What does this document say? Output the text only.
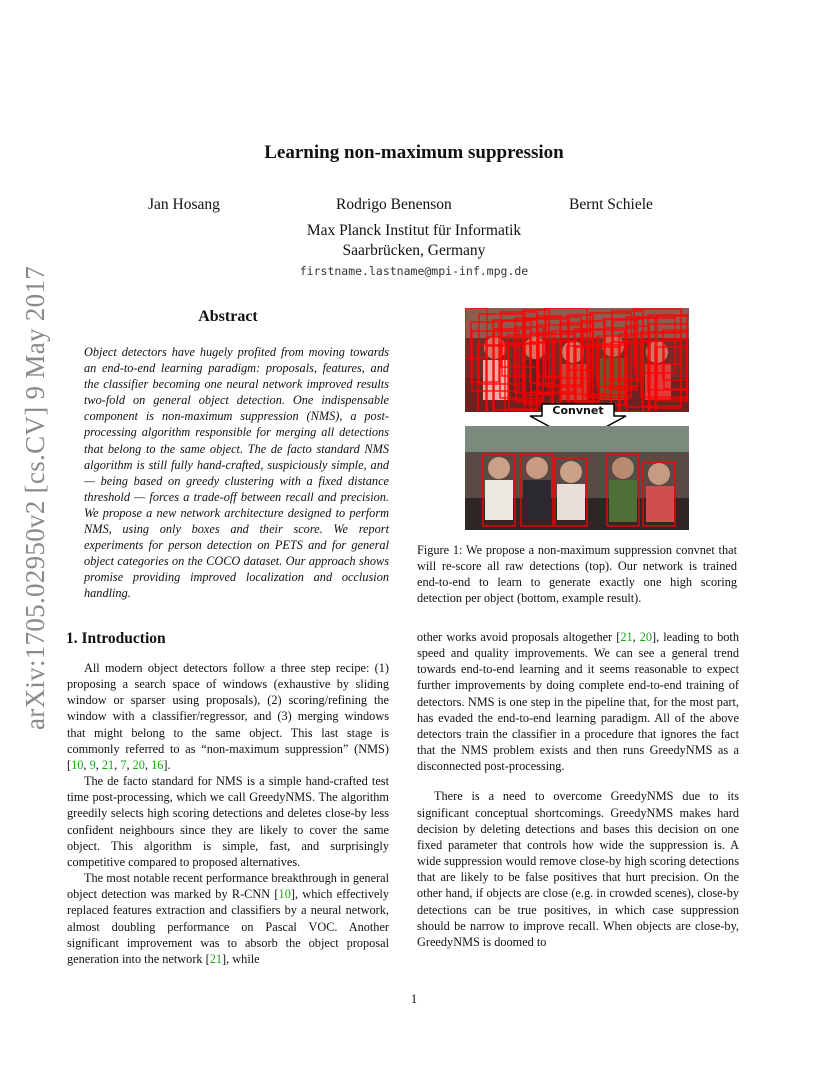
arXiv:1705.02950v2 [cs.CV] 9 May 2017
Learning non-maximum suppression
Jan Hosang	Rodrigo Benenson	Bernt Schiele
Max Planck Institut für Informatik
Saarbrücken, Germany
firstname.lastname@mpi-inf.mpg.de
Abstract
Object detectors have hugely profited from moving towards an end-to-end learning paradigm: proposals, features, and the classifier becoming one neural network improved results two-fold on general object detection. One indispensable component is non-maximum suppression (NMS), a post-processing algorithm responsible for merging all detections that belong to the same object. The de facto standard NMS algorithm is still fully hand-crafted, suspiciously simple, and — being based on greedy clustering with a fixed distance threshold — forces a trade-off between recall and precision. We propose a new network architecture designed to perform NMS, using only boxes and their score. We report experiments for person detection on PETS and for general object categories on the COCO dataset. Our approach shows promise providing improved localization and occlusion handling.
Convnet
Figure 1: We propose a non-maximum suppression convnet that will re-score all raw detections (top). Our network is trained end-to-end to learn to generate exactly one high scoring detection per object (bottom, example result).
1. Introduction

All modern object detectors follow a three step recipe: (1) proposing a search space of windows (exhaustive by sliding window or sparser using proposals), (2) scoring/refining the window with a classifier/regressor, and (3) merging windows that might belong to the same object. This last stage is commonly referred to as “non-maximum suppression” (NMS) [10, 9, 21, 7, 20, 16].

The de facto standard for NMS is a simple hand-crafted test time post-processing, which we call GreedyNMS. The algorithm greedily selects high scoring detections and deletes close-by less confident neighbours since they are likely to cover the same object. This algorithm is simple, fast, and surprisingly competitive compared to proposed alternatives.

The most notable recent performance breakthrough in general object detection was marked by R-CNN [10], which effectively replaced features extraction and classifiers by a neural network, almost doubling performance on Pascal VOC. Another significant improvement was to absorb the object proposal generation into the network [21], while

other works avoid proposals altogether [21, 20], leading to both speed and quality improvements. We can see a general trend towards end-to-end learning and it seems reasonable to expect further improvements by doing complete end-to-end training of detectors. NMS is one step in the pipeline that, for the most part, has evaded the end-to-end learning paradigm. All of the above detectors train the classifier in a procedure that ignores the fact that the NMS problem exists and then runs GreedyNMS as a disconnected post-processing.

There is a need to overcome GreedyNMS due to its significant conceptual shortcomings. GreedyNMS makes hard decision by deleting detections and bases this decision on one fixed parameter that controls how wide the suppression is. A wide suppression would remove close-by high scoring detections that are likely to be false positives that hurt precision. On the other hand, if objects are close (e.g. in crowded scenes), close-by detections can be true positives, in which case suppression should be narrow to improve recall. When objects are close-by, GreedyNMS is doomed to

1
